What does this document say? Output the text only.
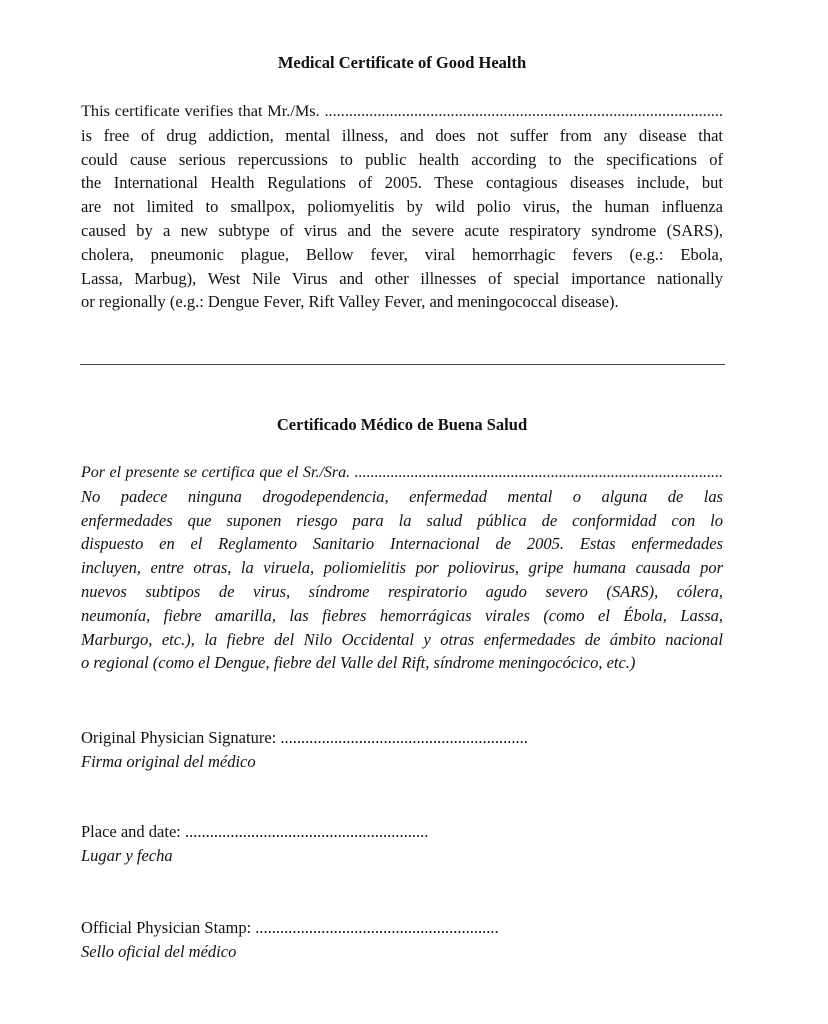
Medical Certificate of Good Health
This certificate verifies that Mr./Ms. ..................................................................................................
is free of drug addiction, mental illness, and does not suffer from any disease that
could cause serious repercussions to public health according to the specifications of
the International Health Regulations of 2005. These contagious diseases include, but
are not limited to smallpox, poliomyelitis by wild polio virus, the human influenza
caused by a new subtype of virus and the severe acute respiratory syndrome (SARS),
cholera, pneumonic plague, Bellow fever, viral hemorrhagic fevers (e.g.: Ebola,
Lassa, Marbug), West Nile Virus and other illnesses of special importance nationally
or regionally (e.g.: Dengue Fever, Rift Valley Fever, and meningococcal disease).
Certificado Médico de Buena Salud
Por el presente se certifica que el Sr./Sra. ............................................................................................
No padece ninguna drogodependencia, enfermedad mental o alguna de las
enfermedades que suponen riesgo para la salud pública de conformidad con lo
dispuesto en el Reglamento Sanitario Internacional de 2005. Estas enfermedades
incluyen, entre otras, la viruela, poliomielitis por poliovirus, gripe humana causada por
nuevos subtipos de virus, síndrome respiratorio agudo severo (SARS), cólera,
neumonía, fiebre amarilla, las fiebres hemorrágicas virales (como el Ébola, Lassa,
Marburgo, etc.), la fiebre del Nilo Occidental y otras enfermedades de ámbito nacional
o regional (como el Dengue, fiebre del Valle del Rift, síndrome meningocócico, etc.)
Original Physician Signature: ............................................................
Firma original del médico
Place and date: ...........................................................
Lugar y fecha
Official Physician Stamp: ...........................................................
Sello oficial del médico
